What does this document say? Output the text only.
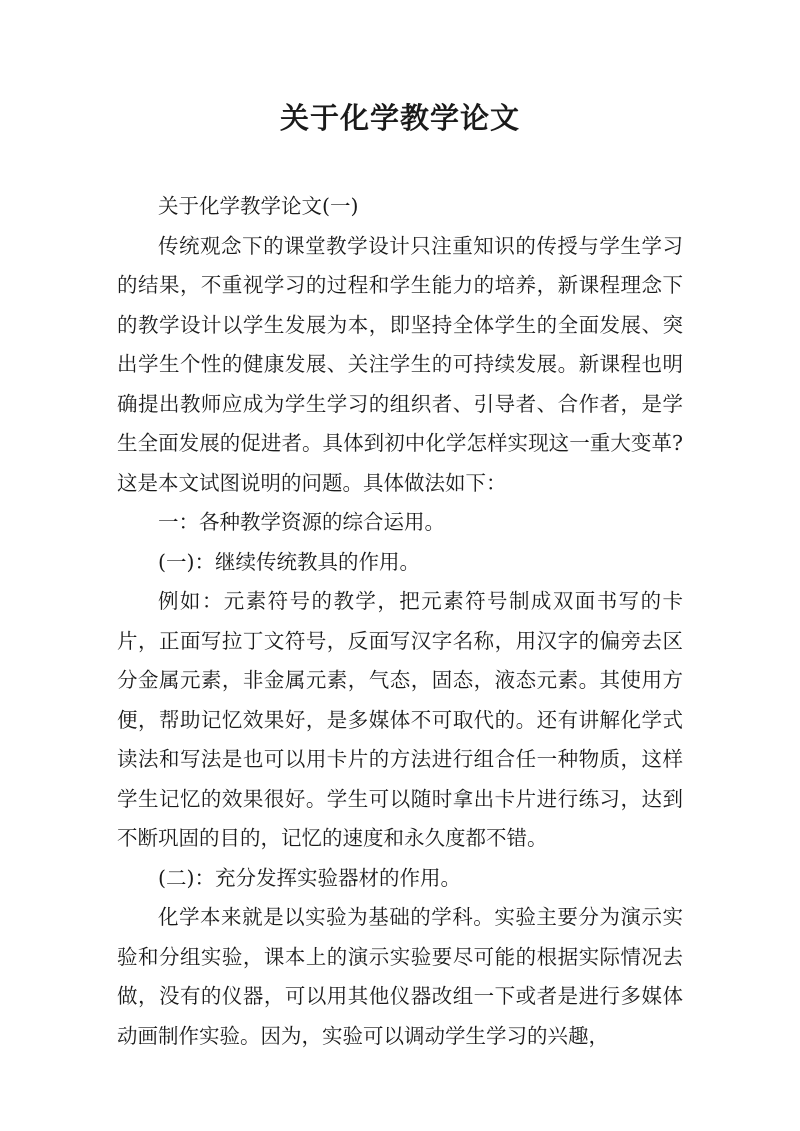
关于化学教学论文

关于化学教学论文(一)

传统观念下的课堂教学设计只注重知识的传授与学生学习的结果，不重视学习的过程和学生能力的培养，新课程理念下的教学设计以学生发展为本，即坚持全体学生的全面发展、突出学生个性的健康发展、关注学生的可持续发展。新课程也明确提出教师应成为学生学习的组织者、引导者、合作者，是学生全面发展的促进者。具体到初中化学怎样实现这一重大变革?这是本文试图说明的问题。具体做法如下：

一：各种教学资源的综合运用。

(一)：继续传统教具的作用。

例如：元素符号的教学，把元素符号制成双面书写的卡片，正面写拉丁文符号，反面写汉字名称，用汉字的偏旁去区分金属元素，非金属元素，气态，固态，液态元素。其使用方便，帮助记忆效果好，是多媒体不可取代的。还有讲解化学式读法和写法是也可以用卡片的方法进行组合任一种物质，这样学生记忆的效果很好。学生可以随时拿出卡片进行练习，达到不断巩固的目的，记忆的速度和永久度都不错。

(二)：充分发挥实验器材的作用。

化学本来就是以实验为基础的学科。实验主要分为演示实验和分组实验，课本上的演示实验要尽可能的根据实际情况去做，没有的仪器，可以用其他仪器改组一下或者是进行多媒体动画制作实验。因为，实验可以调动学生学习的兴趣，
